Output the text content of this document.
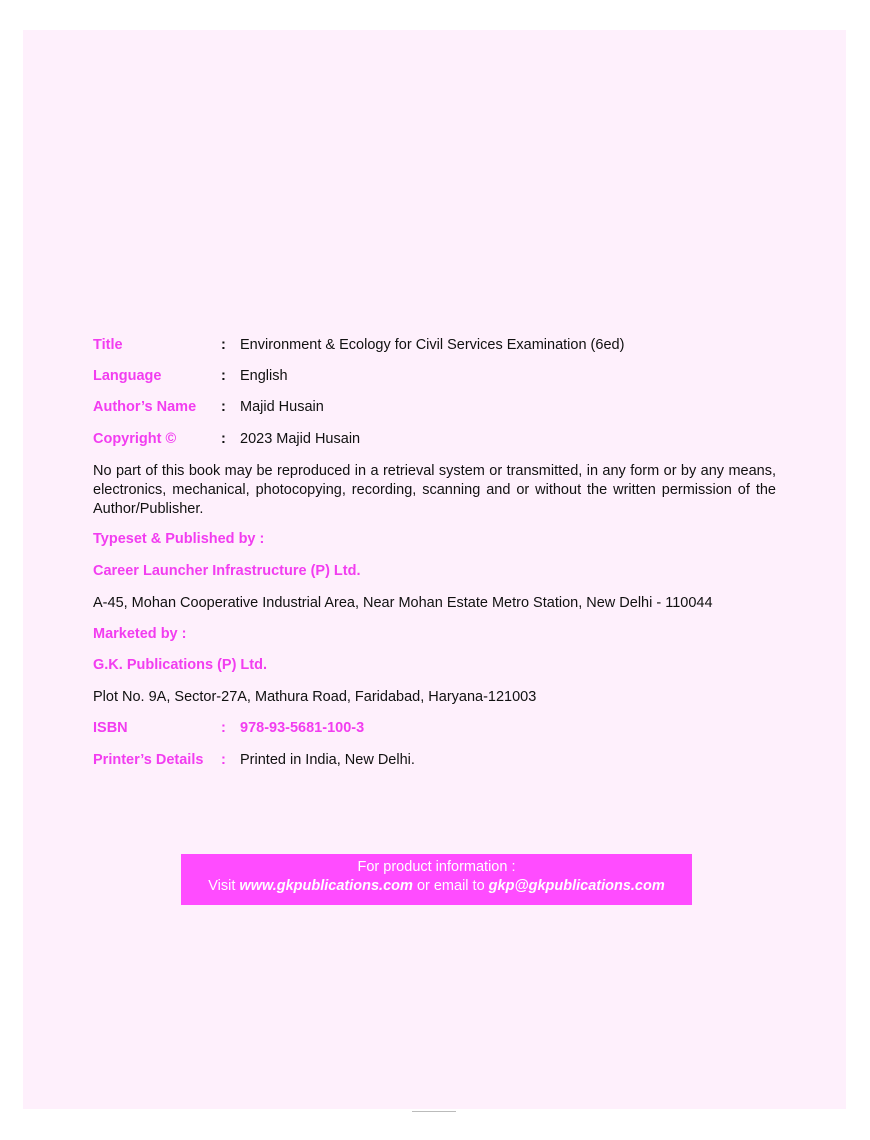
Title	: Environment & Ecology for Civil Services Examination (6ed)
Language	: English
Author’s Name : Majid Husain
Copyright ©	: 2023 Majid Husain
No part of this book may be reproduced in a retrieval system or transmitted, in any form or by any means, electronics, mechanical, photocopying, recording, scanning and or without the written permission of the Author/Publisher.
Typeset & Published by :
Career Launcher Infrastructure (P) Ltd.
A-45, Mohan Cooperative Industrial Area, Near Mohan Estate Metro Station, New Delhi - 110044
Marketed by :
G.K. Publications (P) Ltd.
Plot No. 9A, Sector-27A, Mathura Road, Faridabad, Haryana-121003
ISBN	: 978-93-5681-100-3
Printer’s Details : Printed in India, New Delhi.
For product information :
Visit www.gkpublications.com or email to gkp@gkpublications.com
